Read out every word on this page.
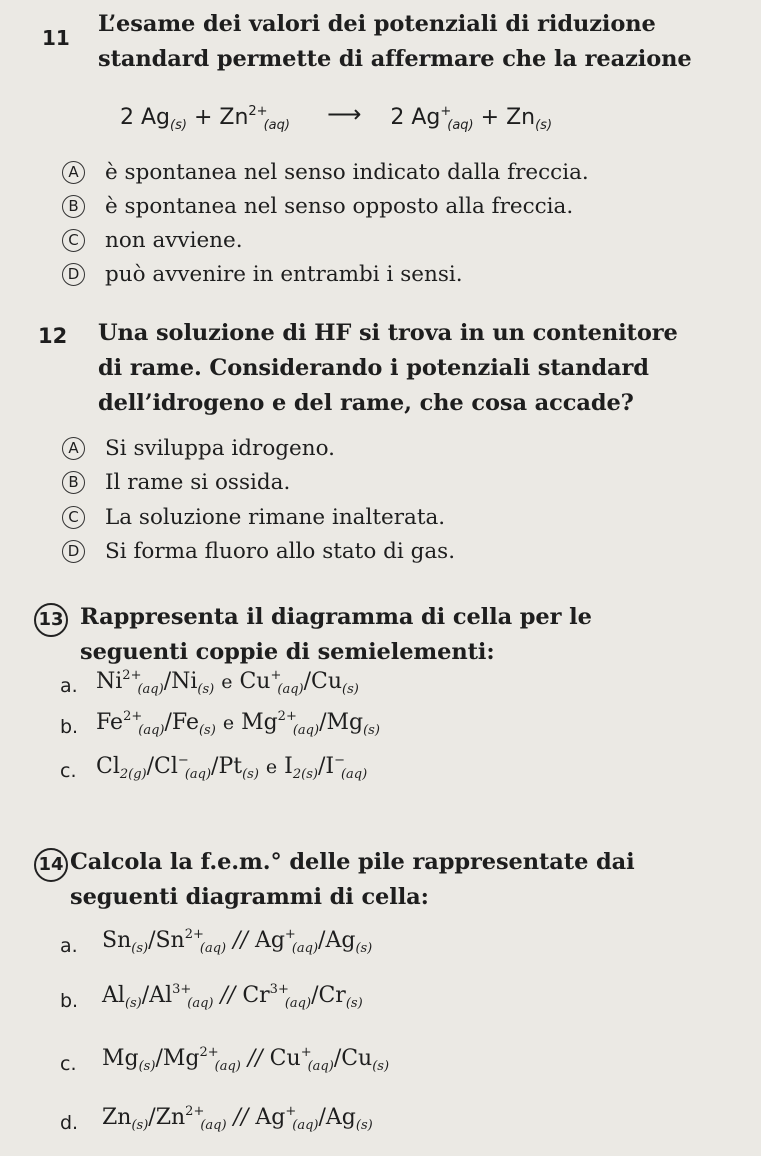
11
L’esame dei valori dei potenziali di riduzione
standard permette di affermare che la reazione
2 $Ag_{(s)} + Zn^{2+}_{(aq)}$ ⟶ 2 $Ag^+_{(aq)} + Zn_{(s)}$
A è spontanea nel senso indicato dalla freccia.
B è spontanea nel senso opposto alla freccia.
C non avviene.
D può avvenire in entrambi i sensi.
12 Una soluzione di HF si trova in un contenitore
di rame. Considerando i potenziali standard
dell’idrogeno e del rame, che cosa accade?
A Si sviluppa idrogeno.
B Il rame si ossida.
C La soluzione rimane inalterata.
D Si forma fluoro allo stato di gas.
13 Rappresenta il diagramma di cella per le
seguenti coppie di semielementi:
a. $Ni^{2+}_{(aq)}/Ni_{(s)}$ e $Cu^+_{(aq)}/Cu_{(s)}$
b. $Fe^{2+}_{(aq)}/Fe_{(s)}$ e $Mg^{2+}_{(aq)}/Mg_{(s)}$
c. $Cl_{2(g)}/Cl^-_{(aq)}/Pt_{(s)}$ e $I_{2(s)}/I^-_{(aq)}$
14 Calcola la f.e.m.° delle pile rappresentate dai
seguenti diagrammi di cella:
a. $Sn_{(s)}/Sn^{2+}_{(aq)} // Ag^+_{(aq)}/Ag_{(s)}$
b. $Al_{(s)}/Al^{3+}_{(aq)} // Cr^{3+}_{(aq)}/Cr_{(s)}$
c. $Mg_{(s)}/Mg^{2+}_{(aq)} // Cu^+_{(aq)}/Cu_{(s)}$
d. $Zn_{(s)}/Zn^{2+}_{(aq)} // Ag^+_{(aq)}/Ag_{(s)}$
